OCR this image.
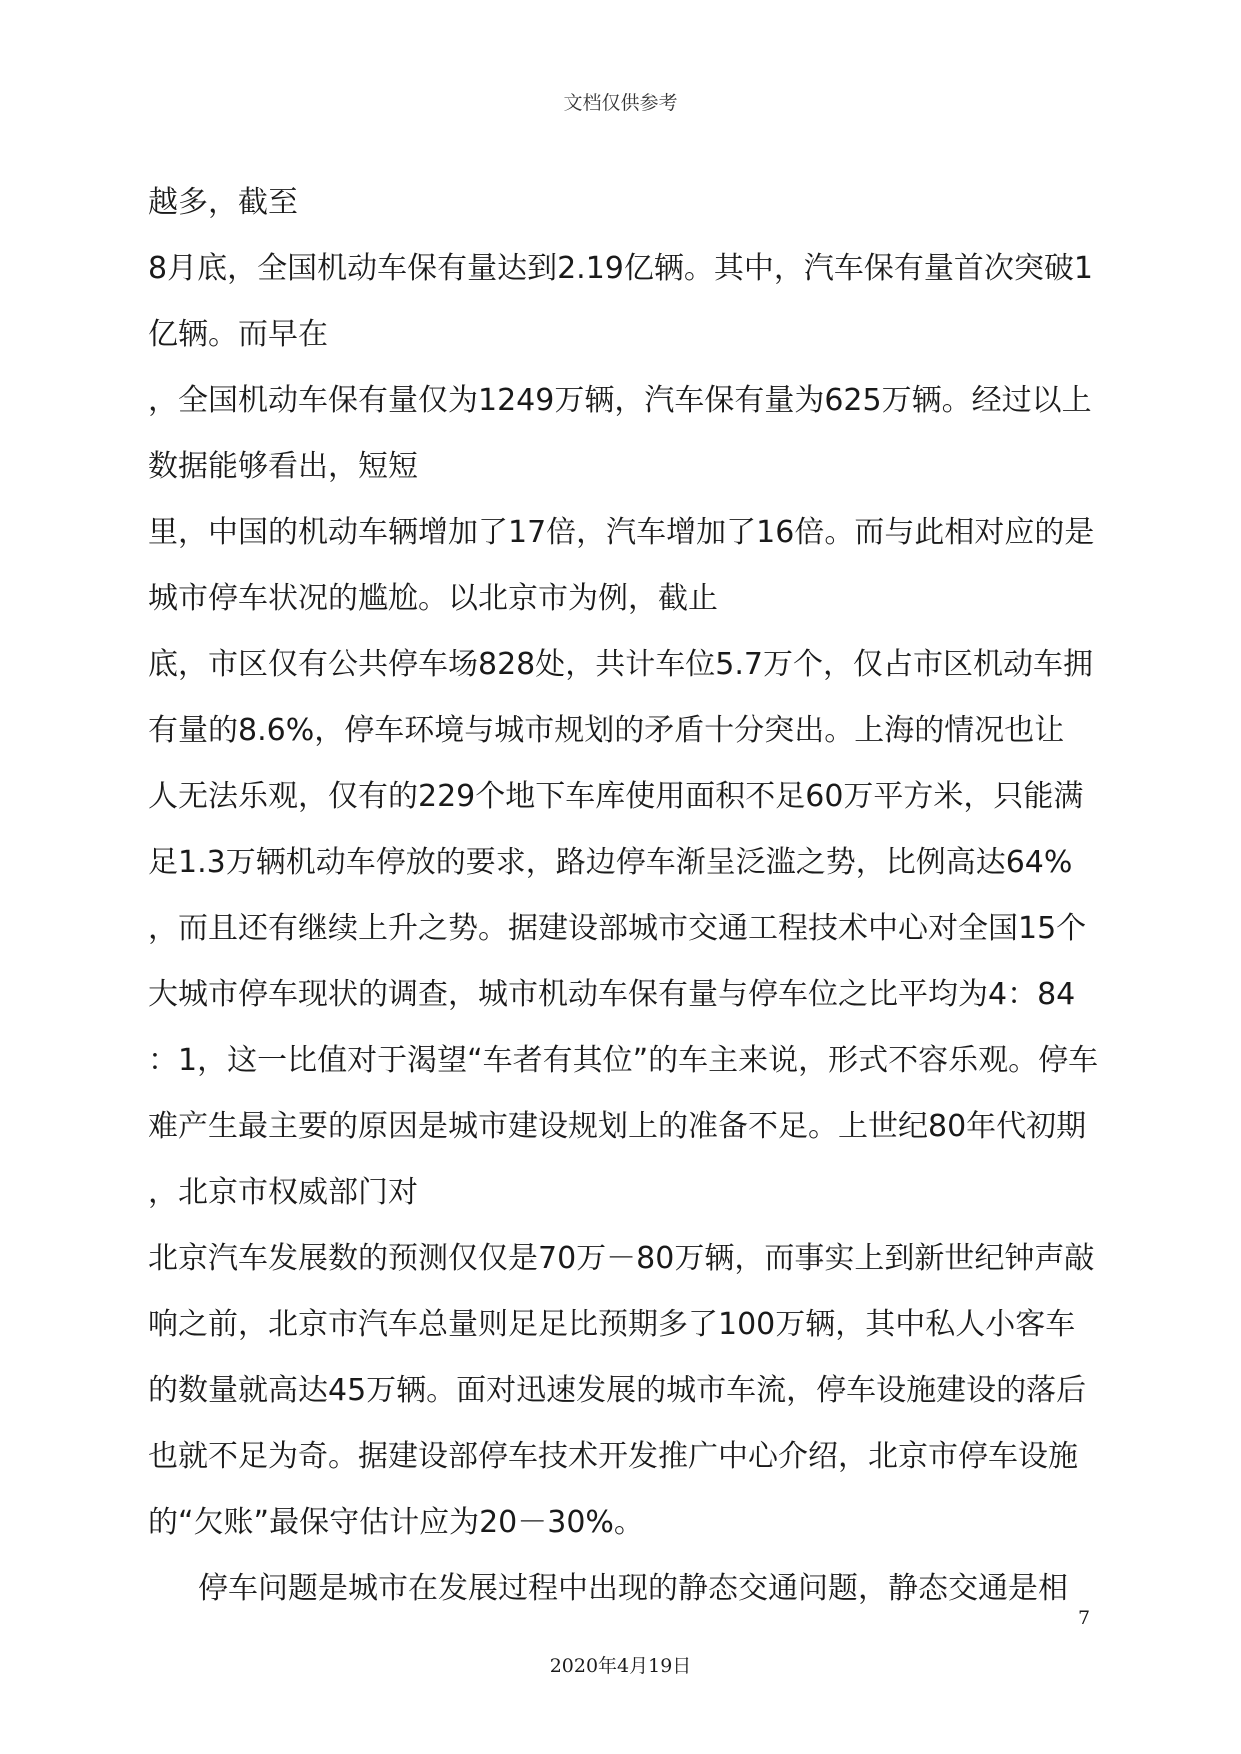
文档仅供参考
越多，截至
8月底，全国机动车保有量达到2.19亿辆。其中，汽车保有量首次突破1
亿辆。而早在
，全国机动车保有量仅为1249万辆，汽车保有量为625万辆。经过以上
数据能够看出，短短
里，中国的机动车辆增加了17倍，汽车增加了16倍。而与此相对应的是
城市停车状况的尴尬。以北京市为例，截止
底，市区仅有公共停车场828处，共计车位5.7万个，仅占市区机动车拥
有量的8.6%，停车环境与城市规划的矛盾十分突出。上海的情况也让
人无法乐观，仅有的229个地下车库使用面积不足60万平方米，只能满
足1.3万辆机动车停放的要求，路边停车渐呈泛滥之势，比例高达64%
，而且还有继续上升之势。据建设部城市交通工程技术中心对全国15个
大城市停车现状的调查，城市机动车保有量与停车位之比平均为4：84
：1，这一比值对于渴望“车者有其位”的车主来说，形式不容乐观。停车
难产生最主要的原因是城市建设规划上的准备不足。上世纪80年代初期
，北京市权威部门对
北京汽车发展数的预测仅仅是70万－80万辆，而事实上到新世纪钟声敲
响之前，北京市汽车总量则足足比预期多了100万辆，其中私人小客车
的数量就高达45万辆。面对迅速发展的城市车流，停车设施建设的落后
也就不足为奇。据建设部停车技术开发推广中心介绍，北京市停车设施
的“欠账”最保守估计应为20－30%。
停车问题是城市在发展过程中出现的静态交通问题，静态交通是相
7
2020年4月19日
